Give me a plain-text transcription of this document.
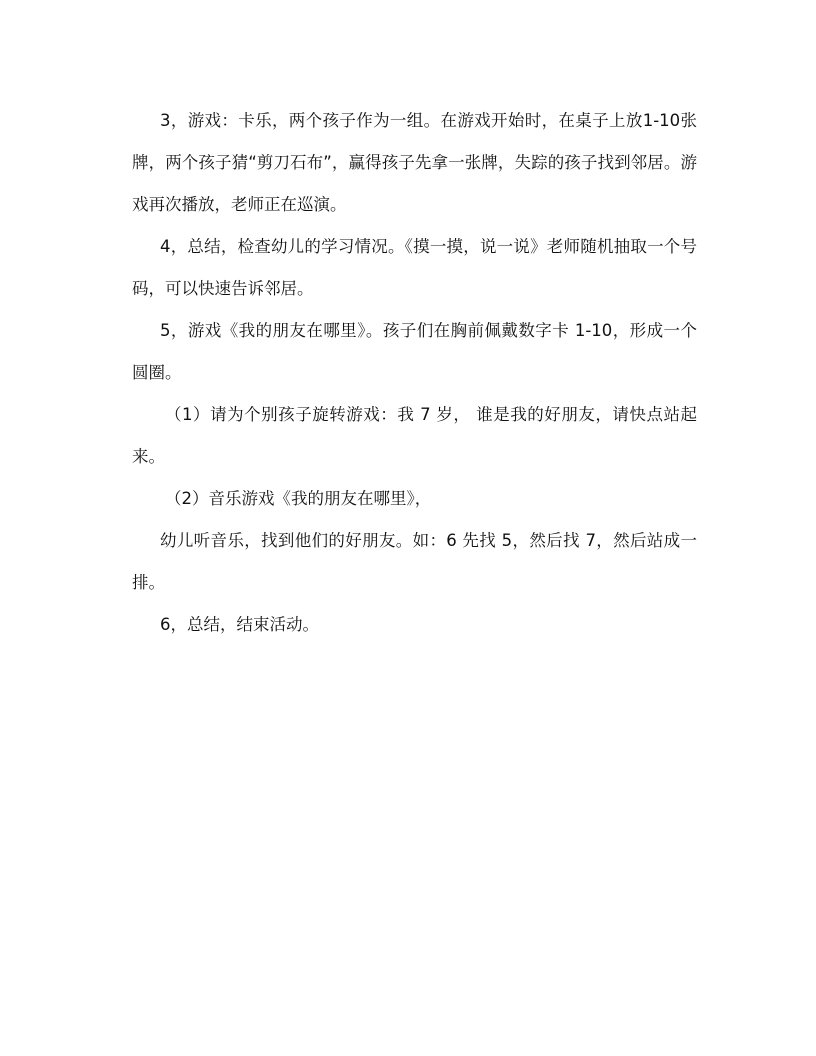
3，游戏：卡乐，两个孩子作为一组。在游戏开始时，在桌子上放1-10张牌，两个孩子猜“剪刀石布”，赢得孩子先拿一张牌，失踪的孩子找到邻居。游戏再次播放，老师正在巡演。

4，总结，检查幼儿的学习情况。《摸一摸，说一说》老师随机抽取一个号码，可以快速告诉邻居。

5，游戏《我的朋友在哪里》。孩子们在胸前佩戴数字卡 1-10，形成一个圆圈。

（1）请为个别孩子旋转游戏：我 7 岁， 谁是我的好朋友，请快点站起来。

（2）音乐游戏《我的朋友在哪里》，

幼儿听音乐，找到他们的好朋友。如：6 先找 5，然后找 7，然后站成一排。

6，总结，结束活动。
